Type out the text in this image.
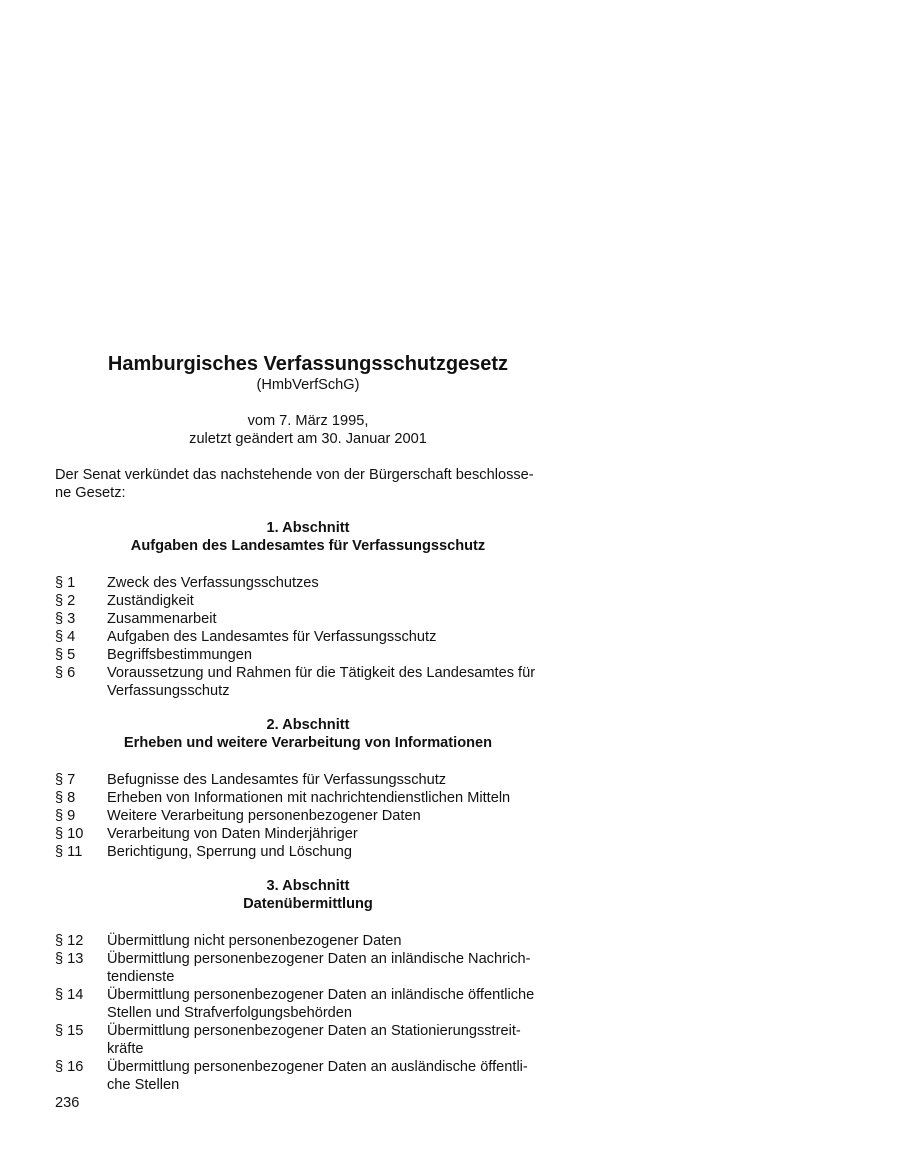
Hamburgisches Verfassungsschutzgesetz
(HmbVerfSchG)
vom 7. März 1995,
zuletzt geändert am 30. Januar 2001
Der Senat verkündet das nachstehende von der Bürgerschaft beschlosse-
ne Gesetz:
1. Abschnitt
Aufgaben des Landesamtes für Verfassungsschutz
§ 1	Zweck des Verfassungsschutzes
§ 2	Zuständigkeit
§ 3	Zusammenarbeit
§ 4	Aufgaben des Landesamtes für Verfassungsschutz
§ 5	Begriffsbestimmungen
§ 6	Voraussetzung und Rahmen für die Tätigkeit des Landesamtes für
Verfassungsschutz
2. Abschnitt
Erheben und weitere Verarbeitung von Informationen
§ 7	Befugnisse des Landesamtes für Verfassungsschutz
§ 8	Erheben von Informationen mit nachrichtendienstlichen Mitteln
§ 9	Weitere Verarbeitung personenbezogener Daten
§ 10	Verarbeitung von Daten Minderjähriger
§ 11	Berichtigung, Sperrung und Löschung
3. Abschnitt
Datenübermittlung
§ 12	Übermittlung nicht personenbezogener Daten
§ 13	Übermittlung personenbezogener Daten an inländische Nachrich-
tendienste
§ 14	Übermittlung personenbezogener Daten an inländische öffentliche
Stellen und Strafverfolgungsbehörden
§ 15	Übermittlung personenbezogener Daten an Stationierungsstreit-
kräfte
§ 16	Übermittlung personenbezogener Daten an ausländische öffentli-
che Stellen
236
